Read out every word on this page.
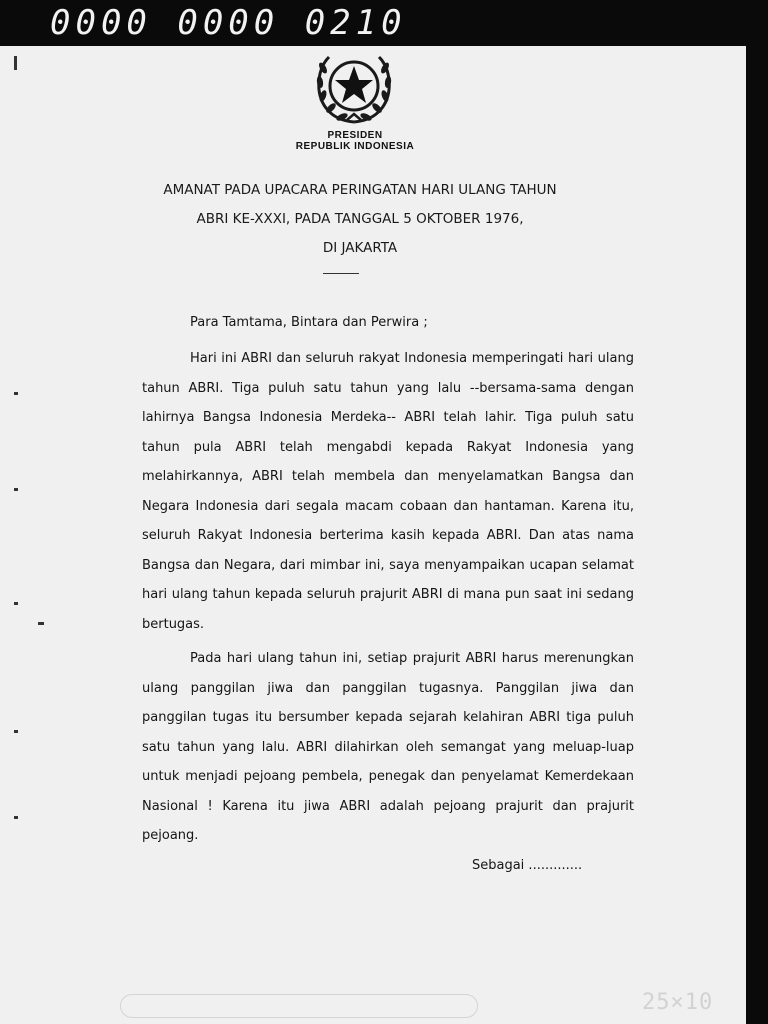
0000 0000 0210
PRESIDEN
REPUBLIK INDONESIA
AMANAT PADA UPACARA PERINGATAN HARI ULANG TAHUN
ABRI KE-XXXI, PADA TANGGAL 5 OKTOBER 1976,
DI JAKARTA
Para Tamtama, Bintara dan Perwira ;

Hari ini ABRI dan seluruh rakyat Indonesia memperingati hari ulang tahun ABRI. Tiga puluh satu tahun yang lalu --bersama-sama dengan lahirnya Bangsa Indonesia Merdeka-- ABRI telah lahir. Tiga puluh satu tahun pula ABRI telah mengabdi kepada Rakyat Indonesia yang melahirkannya, ABRI telah membela dan menyelamatkan Bangsa dan Negara Indonesia dari segala macam cobaan dan hantaman. Karena itu, seluruh Rakyat Indonesia berterima kasih kepada ABRI. Dan atas nama Bangsa dan Negara, dari mimbar ini, saya menyampaikan ucapan selamat hari ulang tahun kepada seluruh prajurit ABRI di mana pun saat ini sedang bertugas.

Pada hari ulang tahun ini, setiap prajurit ABRI harus merenungkan ulang panggilan jiwa dan panggilan tugasnya. Panggilan jiwa dan panggilan tugas itu bersumber kepada sejarah kelahiran ABRI tiga puluh satu tahun yang lalu. ABRI dilahirkan oleh semangat yang meluap-luap untuk menjadi pejoang pembela, penegak dan penyelamat Kemerdekaan Nasional ! Karena itu jiwa ABRI adalah pejoang prajurit dan prajurit pejoang.

Sebagai .............
25×10
